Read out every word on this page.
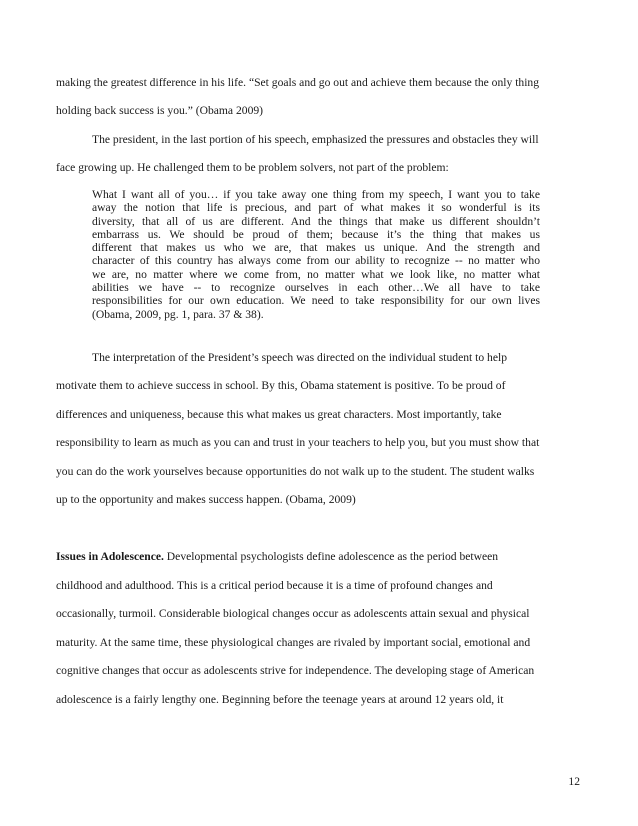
making the greatest difference in his life. “Set goals and go out and achieve them because the only thing
holding back success is you.” (Obama 2009)
The president, in the last portion of his speech, emphasized the pressures and obstacles they will
face growing up. He challenged them to be problem solvers, not part of the problem:
What I want all of you… if you take away one thing from my speech, I want you to take
away the notion that life is precious, and part of what makes it so wonderful is its
diversity, that all of us are different. And the things that make us different shouldn’t
embarrass us. We should be proud of them; because it’s the thing that makes us
different that makes us who we are, that makes us unique. And the strength and
character of this country has always come from our ability to recognize -- no matter who
we are, no matter where we come from, no matter what we look like, no matter what
abilities we have -- to recognize ourselves in each other…We all have to take
responsibilities for our own education. We need to take responsibility for our own lives
(Obama, 2009, pg. 1, para. 37 & 38).
The interpretation of the President’s speech was directed on the individual student to help
motivate them to achieve success in school. By this, Obama statement is positive. To be proud of
differences and uniqueness, because this what makes us great characters. Most importantly, take
responsibility to learn as much as you can and trust in your teachers to help you, but you must show that
you can do the work yourselves because opportunities do not walk up to the student. The student walks
up to the opportunity and makes success happen. (Obama, 2009)
Issues in Adolescence. Developmental psychologists define adolescence as the period between
childhood and adulthood. This is a critical period because it is a time of profound changes and
occasionally, turmoil. Considerable biological changes occur as adolescents attain sexual and physical
maturity. At the same time, these physiological changes are rivaled by important social, emotional and
cognitive changes that occur as adolescents strive for independence. The developing stage of American
adolescence is a fairly lengthy one. Beginning before the teenage years at around 12 years old, it
12
